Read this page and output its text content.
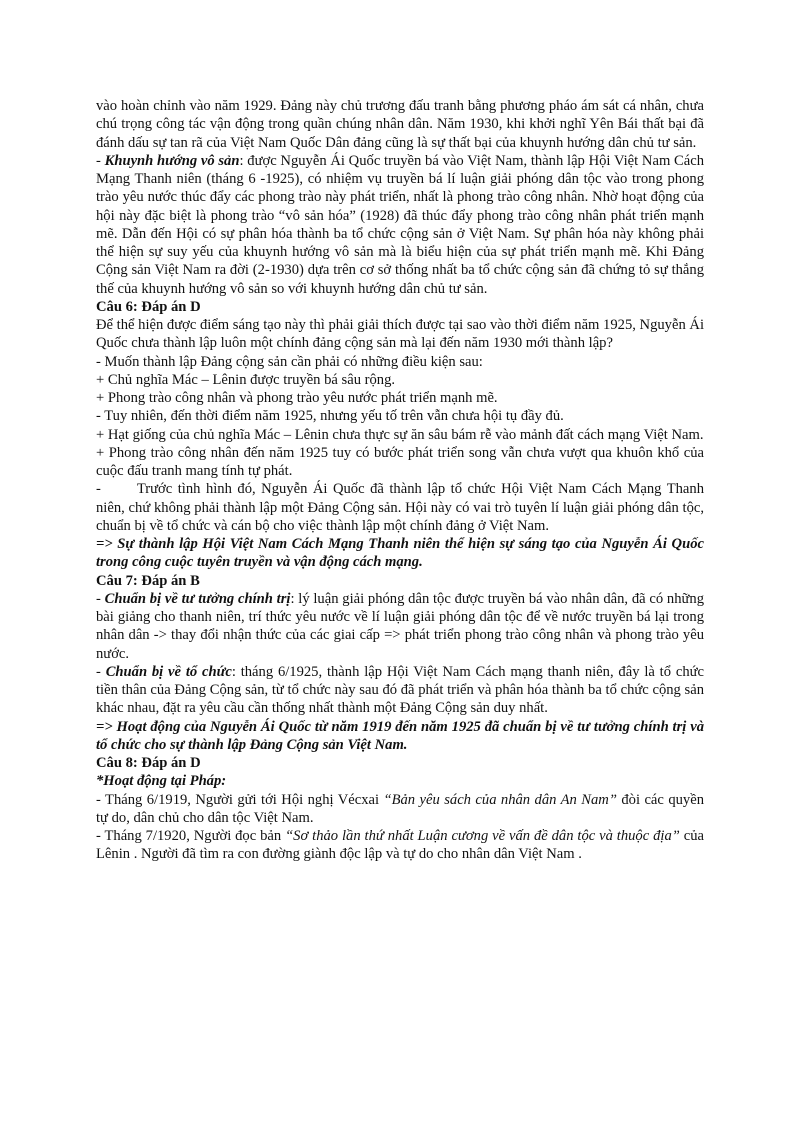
vào hoàn chỉnh vào năm 1929. Đảng này chủ trương đấu tranh bằng phương pháo ám sát cá nhân, chưa chú trọng công tác vận động trong quần chúng nhân dân. Năm 1930, khi khởi nghĩ Yên Bái thất bại đã đánh dấu sự tan rã của Việt Nam Quốc Dân đảng cũng là sự thất bại của khuynh hướng dân chủ tư sản.

- Khuynh hướng vô sản: được Nguyễn Ái Quốc truyền bá vào Việt Nam, thành lập Hội Việt Nam Cách Mạng Thanh niên (tháng 6 -1925), có nhiệm vụ truyền bá lí luận giải phóng dân tộc vào trong phong trào yêu nước thúc đẩy các phong trào này phát triển, nhất là phong trào công nhân. Nhờ hoạt động của hội này đặc biệt là phong trào “vô sản hóa” (1928) đã thúc đẩy phong trào công nhân phát triển mạnh mẽ. Dẫn đến Hội có sự phân hóa thành ba tổ chức cộng sản ở Việt Nam. Sự phân hóa này không phải thể hiện sự suy yếu của khuynh hướng vô sản mà là biểu hiện của sự phát triển mạnh mẽ. Khi Đảng Cộng sản Việt Nam ra đời (2-1930) dựa trên cơ sở thống nhất ba tổ chức cộng sản đã chứng tỏ sự thắng thế của khuynh hướng vô sản so với khuynh hướng dân chủ tư sản.

Câu 6: Đáp án D

Để thể hiện được điểm sáng tạo này thì phải giải thích được tại sao vào thời điểm năm 1925, Nguyễn Ái Quốc chưa thành lập luôn một chính đảng cộng sản mà lại đến năm 1930 mới thành lập?

- Muốn thành lập Đảng cộng sản cần phải có những điều kiện sau:

+ Chủ nghĩa Mác – Lênin được truyền bá sâu rộng.

+ Phong trào công nhân và phong trào yêu nước phát triển mạnh mẽ.

- Tuy nhiên, đến thời điểm năm 1925, nhưng yếu tố trên vẫn chưa hội tụ đầy đủ.

+ Hạt giống của chủ nghĩa Mác – Lênin chưa thực sự ăn sâu bám rễ vào mảnh đất cách mạng Việt Nam.

+ Phong trào công nhân đến năm 1925 tuy có bước phát triển song vẫn chưa vượt qua khuôn khổ của cuộc đấu tranh mang tính tự phát.

- Trước tình hình đó, Nguyễn Ái Quốc đã thành lập tổ chức Hội Việt Nam Cách Mạng Thanh niên, chứ không phải thành lập một Đảng Cộng sản. Hội này có vai trò tuyên lí luận giải phóng dân tộc, chuẩn bị về tổ chức và cán bộ cho việc thành lập một chính đảng ở Việt Nam.

=> Sự thành lập Hội Việt Nam Cách Mạng Thanh niên thể hiện sự sáng tạo của Nguyễn Ái Quốc trong công cuộc tuyên truyền và vận động cách mạng.

Câu 7: Đáp án B

- Chuẩn bị về tư tưởng chính trị: lý luận giải phóng dân tộc được truyền bá vào nhân dân, đã có những bài giảng cho thanh niên, trí thức yêu nước về lí luận giải phóng dân tộc để về nước truyền bá lại trong nhân dân -> thay đổi nhận thức của các giai cấp => phát triển phong trào công nhân và phong trào yêu nước.

- Chuẩn bị về tổ chức: tháng 6/1925, thành lập Hội Việt Nam Cách mạng thanh niên, đây là tổ chức tiền thân của Đảng Cộng sản, từ tổ chức này sau đó đã phát triển và phân hóa thành ba tổ chức cộng sản khác nhau, đặt ra yêu cầu cần thống nhất thành một Đảng Cộng sản duy nhất.

=> Hoạt động của Nguyễn Ái Quốc từ năm 1919 đến năm 1925 đã chuẩn bị về tư tưởng chính trị và tổ chức cho sự thành lập Đảng Cộng sản Việt Nam.

Câu 8: Đáp án D

*Hoạt động tại Pháp:

- Tháng 6/1919, Người gửi tới Hội nghị Vécxai “Bản yêu sách của nhân dân An Nam” đòi các quyền tự do, dân chủ cho dân tộc Việt Nam.

- Tháng 7/1920, Người đọc bản “Sơ thảo lần thứ nhất Luận cương về vấn đề dân tộc và thuộc địa” của Lênin . Người đã tìm ra con đường giành độc lập và tự do cho nhân dân Việt Nam .
